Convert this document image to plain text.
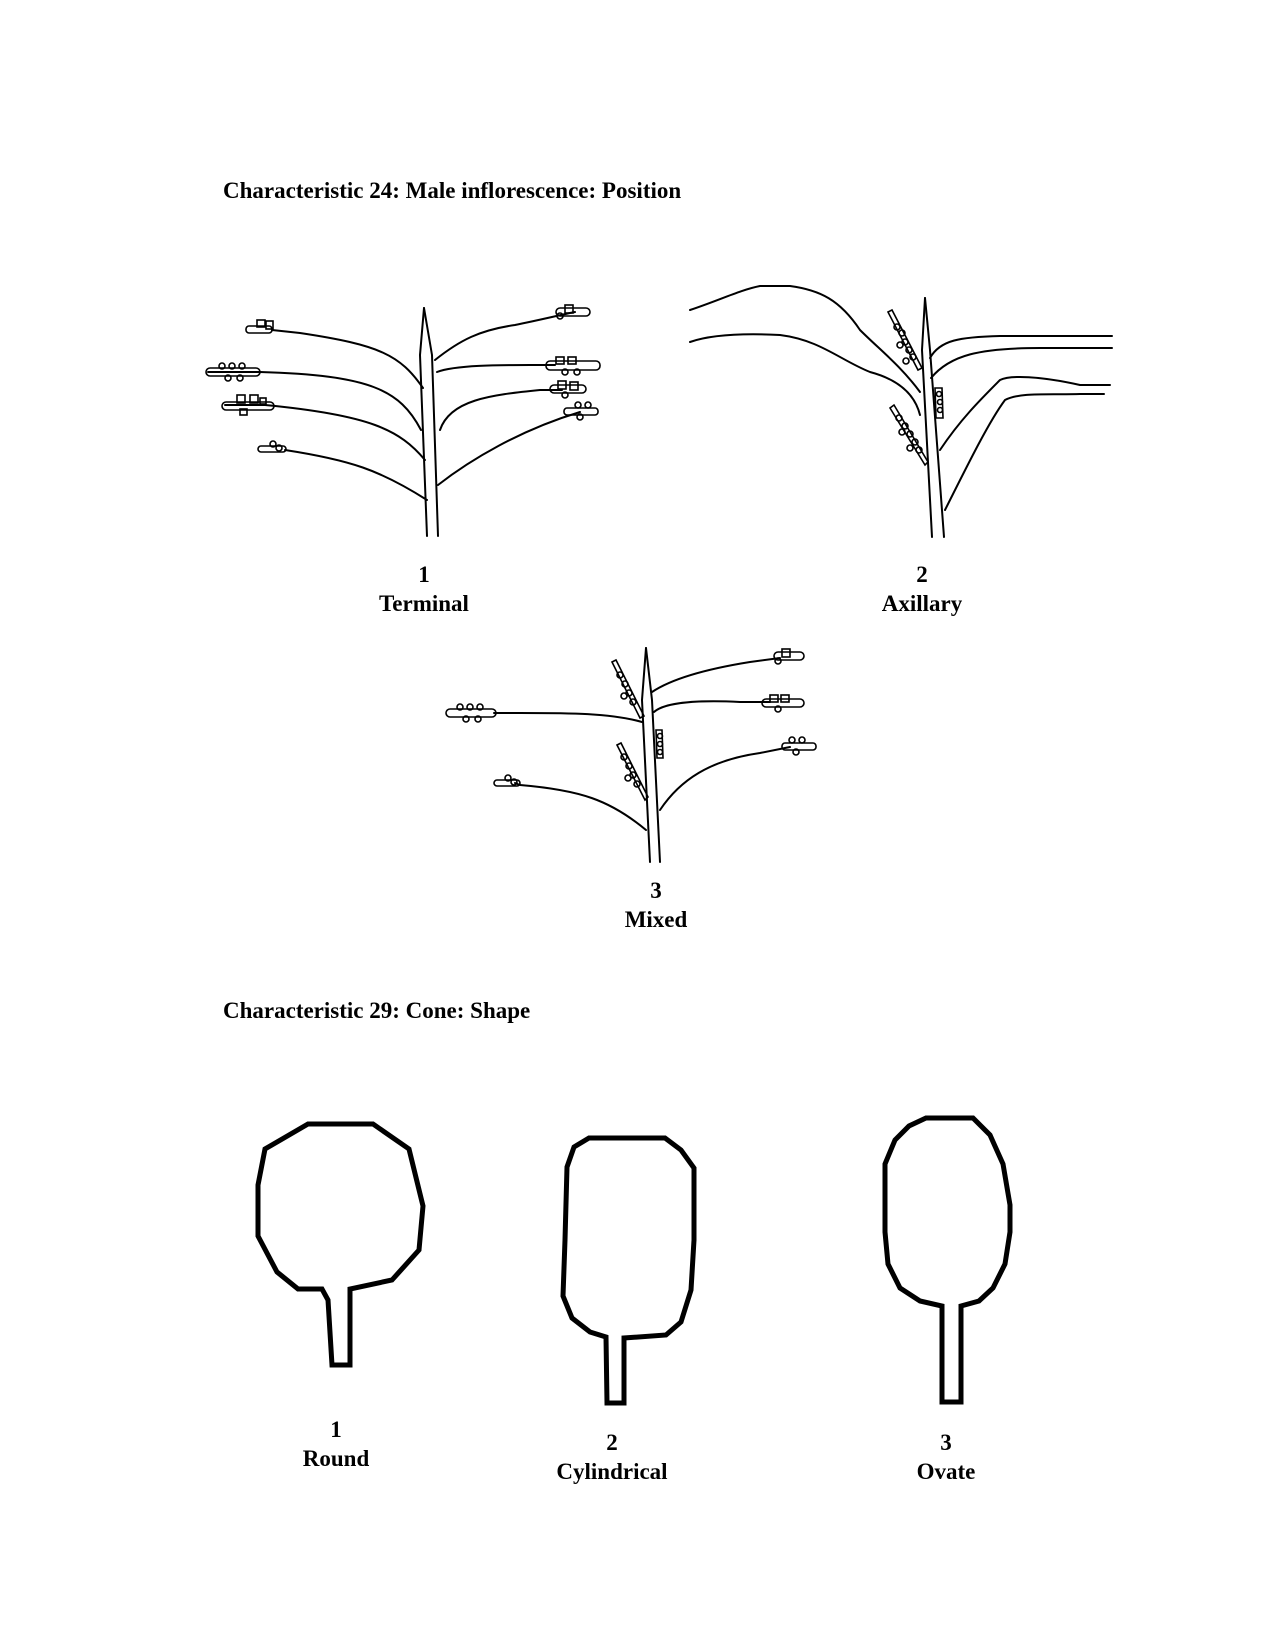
Characteristic 24: Male inflorescence: Position
1
Terminal
2
Axillary
3
Mixed
Characteristic 29: Cone: Shape
1
Round
2
Cylindrical
3
Ovate
